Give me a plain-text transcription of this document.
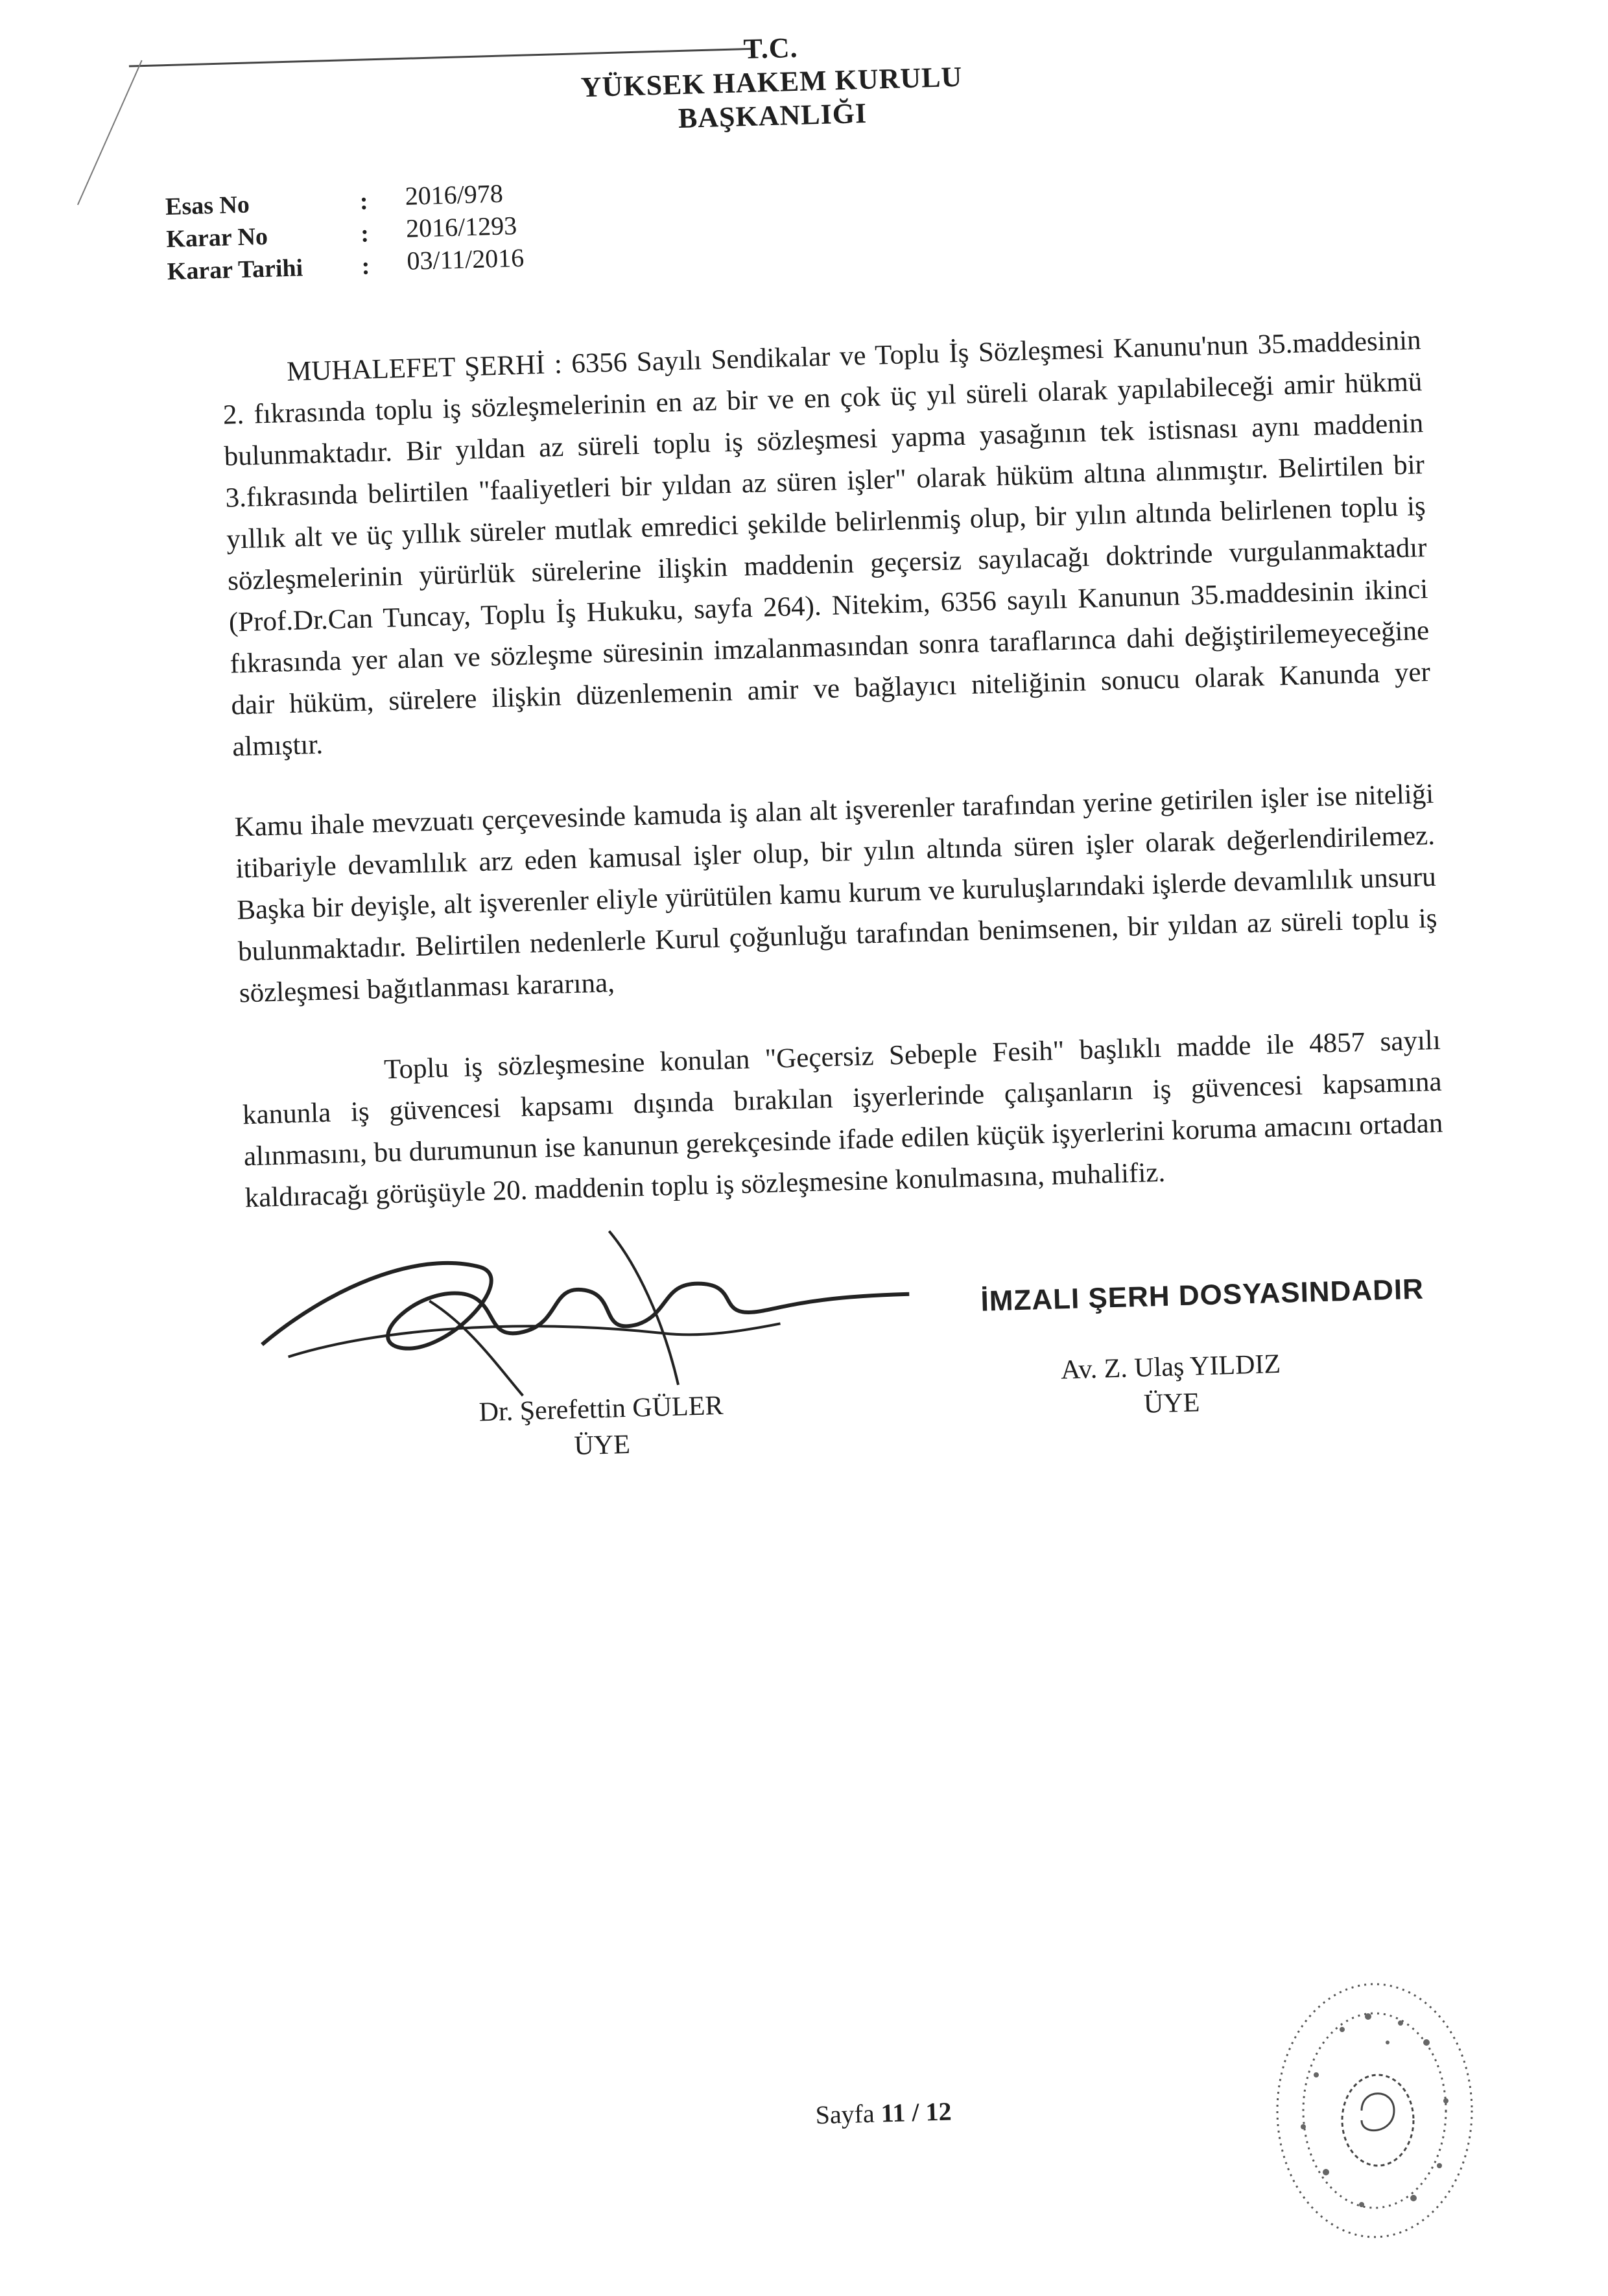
T.C.
YÜKSEK HAKEM KURULU
BAŞKANLIĞI
Esas No	: 2016/978
Karar No	: 2016/1293
Karar Tarihi : 03/11/2016

MUHALEFET ŞERHİ : 6356 Sayılı Sendikalar ve Toplu İş Sözleşmesi Kanunu'nun 35.maddesinin 2. fıkrasında toplu iş sözleşmelerinin en az bir ve en çok üç yıl süreli olarak yapılabileceği amir hükmü bulunmaktadır. Bir yıldan az süreli toplu iş sözleşmesi yapma yasağının tek istisnası aynı maddenin 3.fıkrasında belirtilen "faaliyetleri bir yıldan az süren işler" olarak hüküm altına alınmıştır. Belirtilen bir yıllık alt ve üç yıllık süreler mutlak emredici şekilde belirlenmiş olup, bir yılın altında belirlenen toplu iş sözleşmelerinin yürürlük sürelerine ilişkin maddenin geçersiz sayılacağı doktrinde vurgulanmaktadır (Prof.Dr.Can Tuncay, Toplu İş Hukuku, sayfa 264). Nitekim, 6356 sayılı Kanunun 35.maddesinin ikinci fıkrasında yer alan ve sözleşme süresinin imzalanmasından sonra taraflarınca dahi değiştirilemeyeceğine dair hüküm, sürelere ilişkin düzenlemenin amir ve bağlayıcı niteliğinin sonucu olarak Kanunda yer almıştır.

Kamu ihale mevzuatı çerçevesinde kamuda iş alan alt işverenler tarafından yerine getirilen işler ise niteliği itibariyle devamlılık arz eden kamusal işler olup, bir yılın altında süren işler olarak değerlendirilemez. Başka bir deyişle, alt işverenler eliyle yürütülen kamu kurum ve kuruluşlarındaki işlerde devamlılık unsuru bulunmaktadır. Belirtilen nedenlerle Kurul çoğunluğu tarafından benimsenen, bir yıldan az süreli toplu iş sözleşmesi bağıtlanması kararına,

Toplu iş sözleşmesine konulan "Geçersiz Sebeple Fesih" başlıklı madde ile 4857 sayılı kanunla iş güvencesi kapsamı dışında bırakılan işyerlerinde çalışanların iş güvencesi kapsamına alınmasını, bu durumunun ise kanunun gerekçesinde ifade edilen küçük işyerlerini koruma amacını ortadan kaldıracağı görüşüyle 20. maddenin toplu iş sözleşmesine konulmasına, muhalifiz.

Dr. Şerefettin GÜLER
ÜYE
İMZALI ŞERH DOSYASINDADIR
Av. Z. Ulaş YILDIZ
ÜYE
Sayfa 11 / 12
